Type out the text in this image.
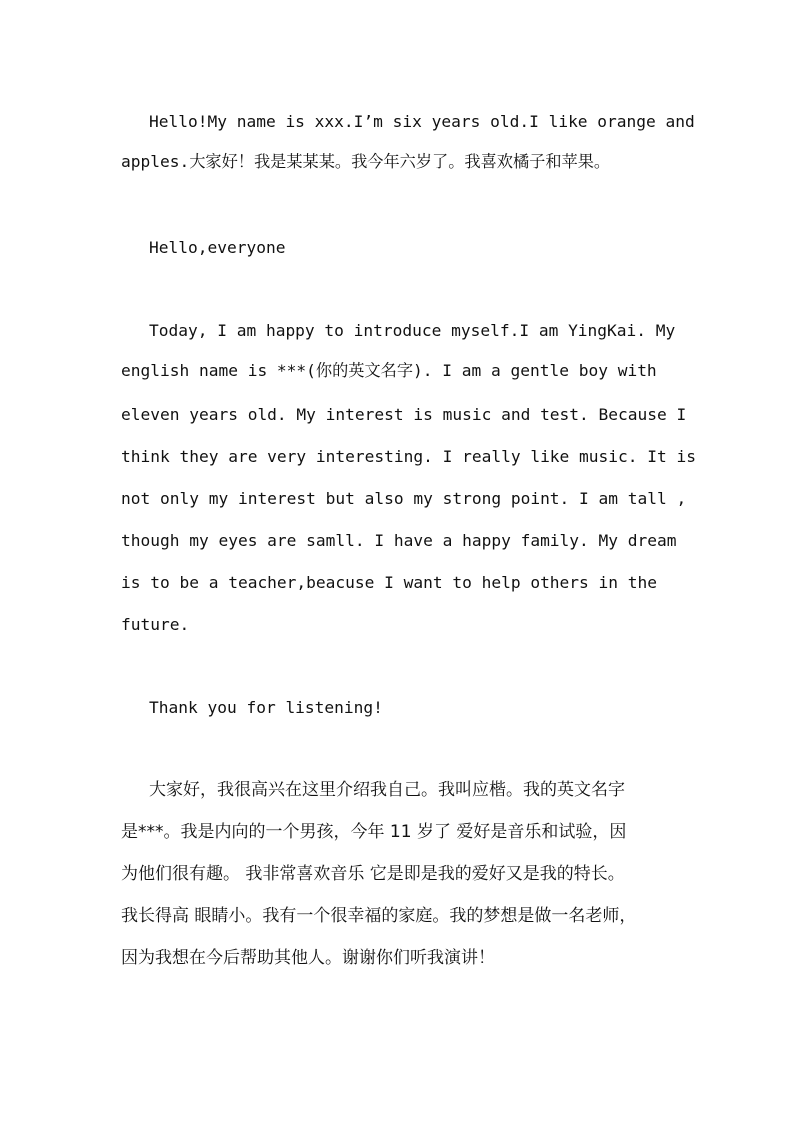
Hello!My name is xxx.I’m six years old.I like orange and
apples.大家好！我是某某某。我今年六岁了。我喜欢橘子和苹果。
Hello,everyone
Today, I am happy to introduce myself.I am YingKai. My
english name is ***(你的英文名字). I am a gentle boy with
eleven years old. My interest is music and test. Because I
think they are very interesting. I really like music. It is
not only my interest but also my strong point. I am tall ,
though my eyes are samll. I have a happy family. My dream
is to be a teacher,beacuse I want to help others in the
future.
Thank you for listening!
大家好，我很高兴在这里介绍我自己。我叫应楷。我的英文名字
是***。我是内向的一个男孩，今年 11 岁了 爱好是音乐和试验，因
为他们很有趣。 我非常喜欢音乐 它是即是我的爱好又是我的特长。
我长得高 眼睛小。我有一个很幸福的家庭。我的梦想是做一名老师，
因为我想在今后帮助其他人。谢谢你们听我演讲！
